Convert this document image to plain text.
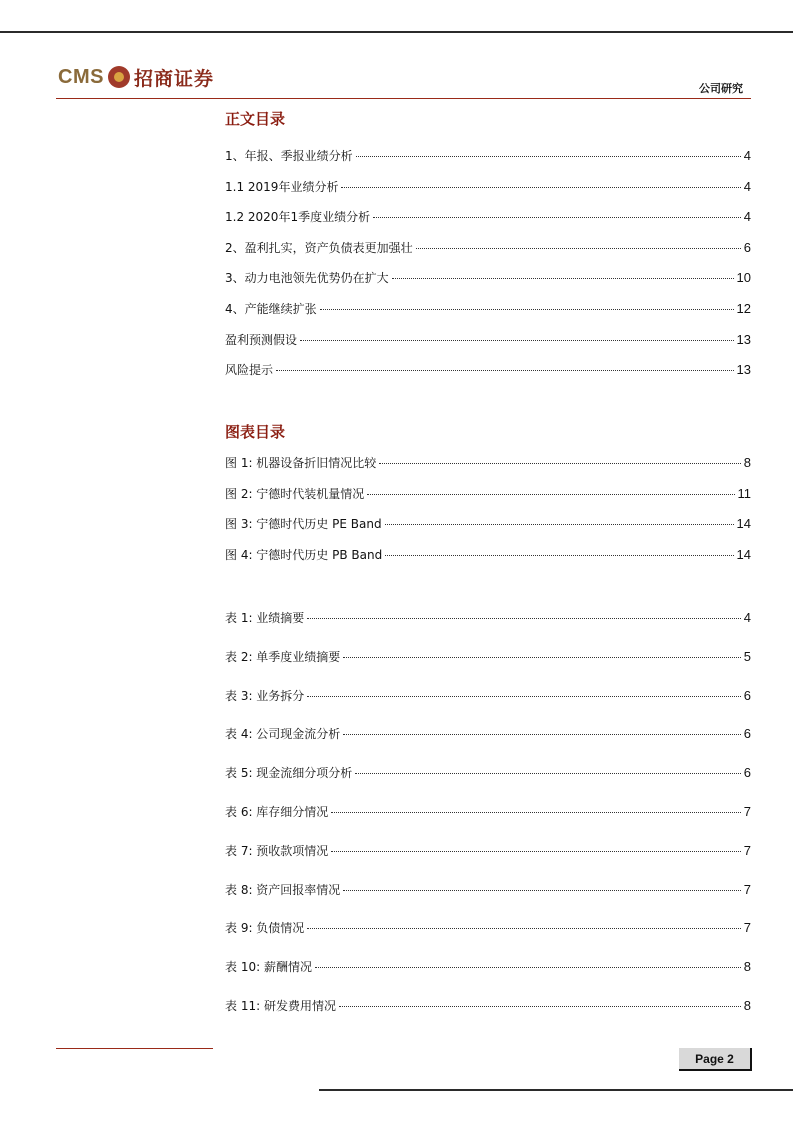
CMS 招商证券	公司研究
正文目录
1、年报、季报业绩分析	4
1.1 2019年业绩分析	4
1.2 2020年1季度业绩分析	4
2、盈利扎实，资产负债表更加强壮	6
3、动力电池领先优势仍在扩大	10
4、产能继续扩张	12
盈利预测假设	13
风险提示	13
图表目录
图 1: 机器设备折旧情况比较	8
图 2: 宁德时代装机量情况	11
图 3: 宁德时代历史 PE Band	14
图 4: 宁德时代历史 PB Band	14
表 1: 业绩摘要	4
表 2: 单季度业绩摘要	5
表 3: 业务拆分	6
表 4: 公司现金流分析	6
表 5: 现金流细分项分析	6
表 6: 库存细分情况	7
表 7: 预收款项情况	7
表 8: 资产回报率情况	7
表 9: 负债情况	7
表 10: 薪酬情况	8
表 11: 研发费用情况	8
Page 2
